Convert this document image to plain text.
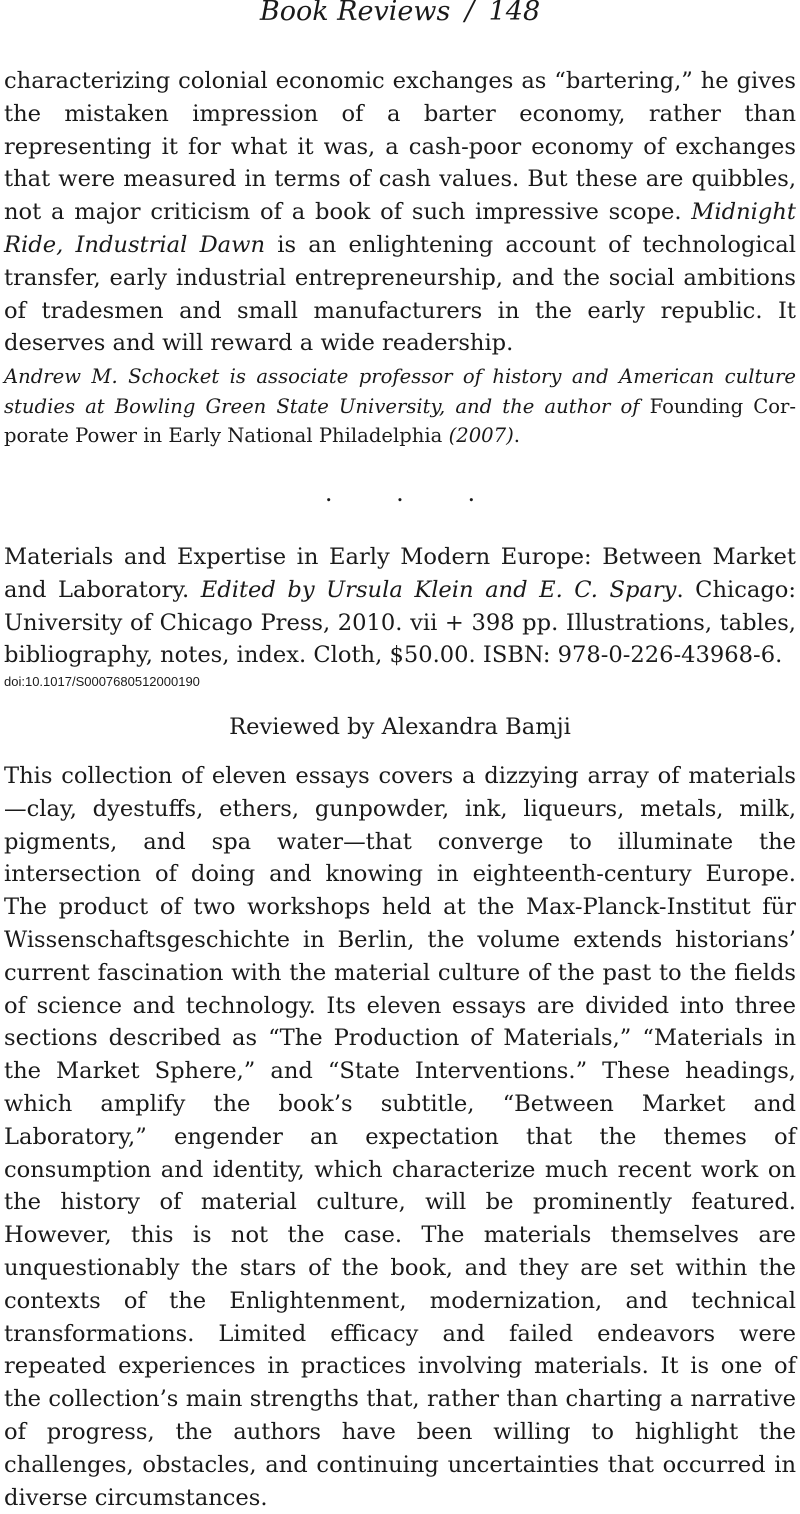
Book Reviews / 148

characterizing colonial economic exchanges as “bartering,” he gives the mistaken impression of a barter economy, rather than representing it for what it was, a cash-poor economy of exchanges that were measured in terms of cash values. But these are quibbles, not a major criticism of a book of such impressive scope. Midnight Ride, Industrial Dawn is an enlightening account of technological transfer, early industrial entrepreneurship, and the social ambitions of tradesmen and small manufacturers in the early republic. It deserves and will reward a wide readership.

Andrew M. Schocket is associate professor of history and American culture studies at Bowling Green State University, and the author of Founding Corporate Power in Early National Philadelphia (2007).

. . .

Materials and Expertise in Early Modern Europe: Between Market and Laboratory. Edited by Ursula Klein and E. C. Spary. Chicago: University of Chicago Press, 2010. vii + 398 pp. Illustrations, tables, bibliography, notes, index. Cloth, $50.00. ISBN: 978-0-226-43968-6.

doi:10.1017/S0007680512000190
Reviewed by Alexandra Bamji

This collection of eleven essays covers a dizzying array of materials—clay, dyestuffs, ethers, gunpowder, ink, liqueurs, metals, milk, pigments, and spa water—that converge to illuminate the intersection of doing and knowing in eighteenth-century Europe. The product of two workshops held at the Max-Planck-Institut für Wissenschaftsgeschichte in Berlin, the volume extends historians’ current fascination with the material culture of the past to the fields of science and technology. Its eleven essays are divided into three sections described as “The Production of Materials,” “Materials in the Market Sphere,” and “State Interventions.” These headings, which amplify the book’s subtitle, “Between Market and Laboratory,” engender an expectation that the themes of consumption and identity, which characterize much recent work on the history of material culture, will be prominently featured. However, this is not the case. The materials themselves are unquestionably the stars of the book, and they are set within the contexts of the Enlightenment, modernization, and technical transformations. Limited efficacy and failed endeavors were repeated experiences in practices involving materials. It is one of the collection’s main strengths that, rather than charting a narrative of progress, the authors have been willing to highlight the challenges, obstacles, and continuing uncertainties that occurred in diverse circumstances.
